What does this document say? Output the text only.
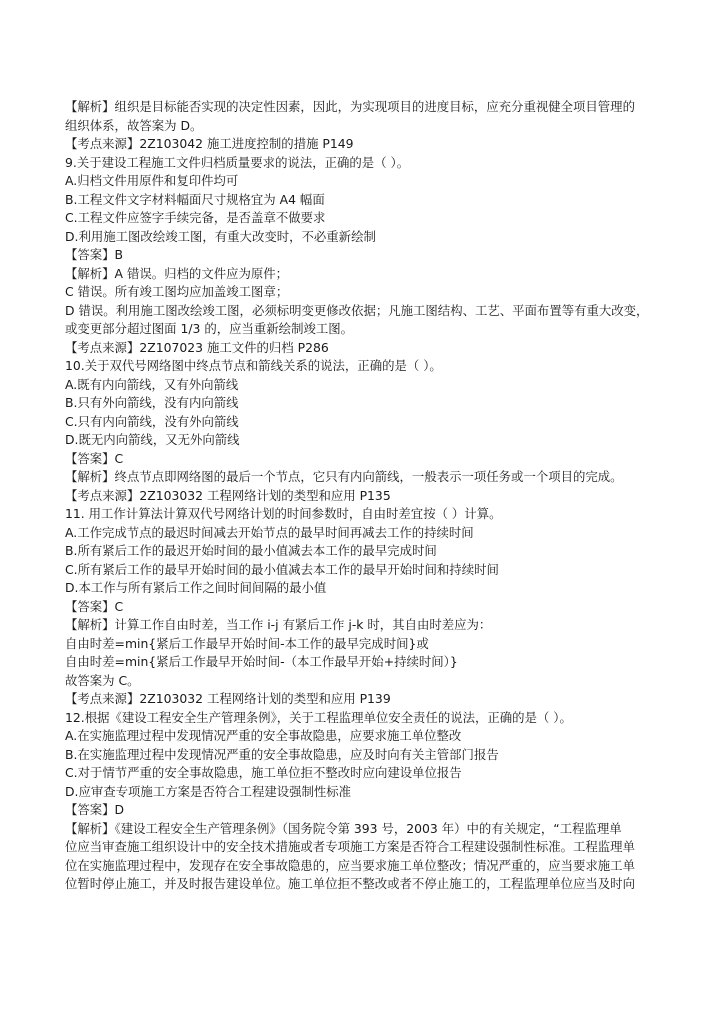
【解析】组织是目标能否实现的决定性因素，因此，为实现项目的进度目标，应充分重视健全项目管理的
组织体系，故答案为 D。
【考点来源】2Z103042 施工进度控制的措施 P149
9.关于建设工程施工文件归档质量要求的说法，正确的是（ ）。
A.归档文件用原件和复印件均可
B.工程文件文字材料幅面尺寸规格宜为 A4 幅面
C.工程文件应签字手续完备，是否盖章不做要求
D.利用施工图改绘竣工图，有重大改变时，不必重新绘制
【答案】B
【解析】A 错误。归档的文件应为原件；
C 错误。所有竣工图均应加盖竣工图章；
D 错误。利用施工图改绘竣工图，必须标明变更修改依据；凡施工图结构、工艺、平面布置等有重大改变，
或变更部分超过图面 1/3 的，应当重新绘制竣工图。
【考点来源】2Z107023 施工文件的归档 P286
10.关于双代号网络图中终点节点和箭线关系的说法，正确的是（ ）。
A.既有内向箭线，又有外向箭线
B.只有外向箭线，没有内向箭线
C.只有内向箭线，没有外向箭线
D.既无内向箭线，又无外向箭线
【答案】C
【解析】终点节点即网络图的最后一个节点，它只有内向箭线，一般表示一项任务或一个项目的完成。
【考点来源】2Z103032 工程网络计划的类型和应用 P135
11. 用工作计算法计算双代号网络计划的时间参数时，自由时差宜按（ ）计算。
A.工作完成节点的最迟时间减去开始节点的最早时间再减去工作的持续时间
B.所有紧后工作的最迟开始时间的最小值减去本工作的最早完成时间
C.所有紧后工作的最早开始时间的最小值减去本工作的最早开始时间和持续时间
D.本工作与所有紧后工作之间时间间隔的最小值
【答案】C
【解析】计算工作自由时差，当工作 i-j 有紧后工作 j-k 时，其自由时差应为：
自由时差=min{紧后工作最早开始时间-本工作的最早完成时间}或
自由时差=min{紧后工作最早开始时间-（本工作最早开始+持续时间）}
故答案为 C。
【考点来源】2Z103032 工程网络计划的类型和应用 P139
12.根据《建设工程安全生产管理条例》，关于工程监理单位安全责任的说法，正确的是（ ）。
A.在实施监理过程中发现情况严重的安全事故隐患，应要求施工单位整改
B.在实施监理过程中发现情况严重的安全事故隐患，应及时向有关主管部门报告
C.对于情节严重的安全事故隐患，施工单位拒不整改时应向建设单位报告
D.应审查专项施工方案是否符合工程建设强制性标准
【答案】D
【解析】《建设工程安全生产管理条例》（国务院令第 393 号，2003 年）中的有关规定，“工程监理单
位应当审查施工组织设计中的安全技术措施或者专项施工方案是否符合工程建设强制性标准。工程监理单
位在实施监理过程中，发现存在安全事故隐患的，应当要求施工单位整改；情况严重的，应当要求施工单
位暂时停止施工，并及时报告建设单位。施工单位拒不整改或者不停止施工的，工程监理单位应当及时向
